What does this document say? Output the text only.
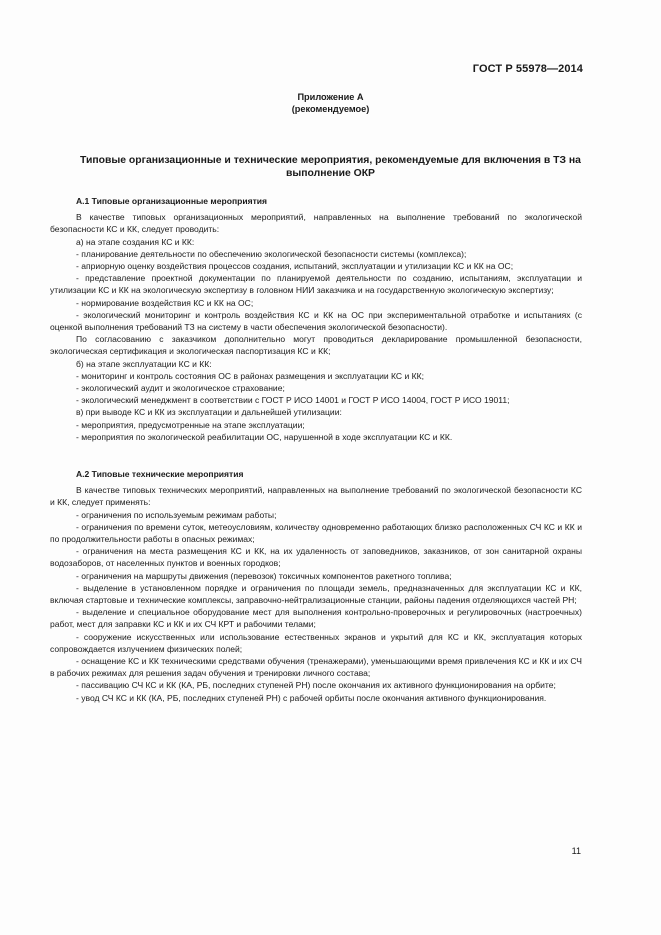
ГОСТ Р 55978—2014
Приложение А
(рекомендуемое)
Типовые организационные и технические мероприятия, рекомендуемые для включения в ТЗ на выполнение ОКР

А.1 Типовые организационные мероприятия

В качестве типовых организационных мероприятий, направленных на выполнение требований по экологической безопасности КС и КК, следует проводить:

а) на этапе создания КС и КК:

- планирование деятельности по обеспечению экологической безопасности системы (комплекса);

- априорную оценку воздействия процессов создания, испытаний, эксплуатации и утилизации КС и КК на ОС;

- представление проектной документации по планируемой деятельности по созданию, испытаниям, эксплуатации и утилизации КС и КК на экологическую экспертизу в головном НИИ заказчика и на государственную экологическую экспертизу;

- нормирование воздействия КС и КК на ОС;

- экологический мониторинг и контроль воздействия КС и КК на ОС при экспериментальной отработке и испытаниях (с оценкой выполнения требований ТЗ на систему в части обеспечения экологической безопасности).

По согласованию с заказчиком дополнительно могут проводиться декларирование промышленной безопасности, экологическая сертификация и экологическая паспортизация КС и КК;

б) на этапе эксплуатации КС и КК:

- мониторинг и контроль состояния ОС в районах размещения и эксплуатации КС и КК;

- экологический аудит и экологическое страхование;

- экологический менеджмент в соответствии с ГОСТ Р ИСО 14001 и ГОСТ Р ИСО 14004, ГОСТ Р ИСО 19011;

в) при выводе КС и КК из эксплуатации и дальнейшей утилизации:

- мероприятия, предусмотренные на этапе эксплуатации;

- мероприятия по экологической реабилитации ОС, нарушенной в ходе эксплуатации КС и КК.

А.2 Типовые технические мероприятия

В качестве типовых технических мероприятий, направленных на выполнение требований по экологической безопасности КС и КК, следует применять:

- ограничения по используемым режимам работы;

- ограничения по времени суток, метеоусловиям, количеству одновременно работающих близко расположенных СЧ КС и КК и по продолжительности работы в опасных режимах;

- ограничения на места размещения КС и КК, на их удаленность от заповедников, заказников, от зон санитарной охраны водозаборов, от населенных пунктов и военных городков;

- ограничения на маршруты движения (перевозок) токсичных компонентов ракетного топлива;

- выделение в установленном порядке и ограничения по площади земель, предназначенных для эксплуатации КС и КК, включая стартовые и технические комплексы, заправочно-нейтрализационные станции, районы падения отделяющихся частей РН;

- выделение и специальное оборудование мест для выполнения контрольно-проверочных и регулировочных (настроечных) работ, мест для заправки КС и КК и их СЧ КРТ и рабочими телами;

- сооружение искусственных или использование естественных экранов и укрытий для КС и КК, эксплуатация которых сопровождается излучением физических полей;

- оснащение КС и КК техническими средствами обучения (тренажерами), уменьшающими время привлечения КС и КК и их СЧ в рабочих режимах для решения задач обучения и тренировки личного состава;

- пассивацию СЧ КС и КК (КА, РБ, последних ступеней РН) после окончания их активного функционирования на орбите;

- увод СЧ КС и КК (КА, РБ, последних ступеней РН) с рабочей орбиты после окончания активного функционирования.

11
